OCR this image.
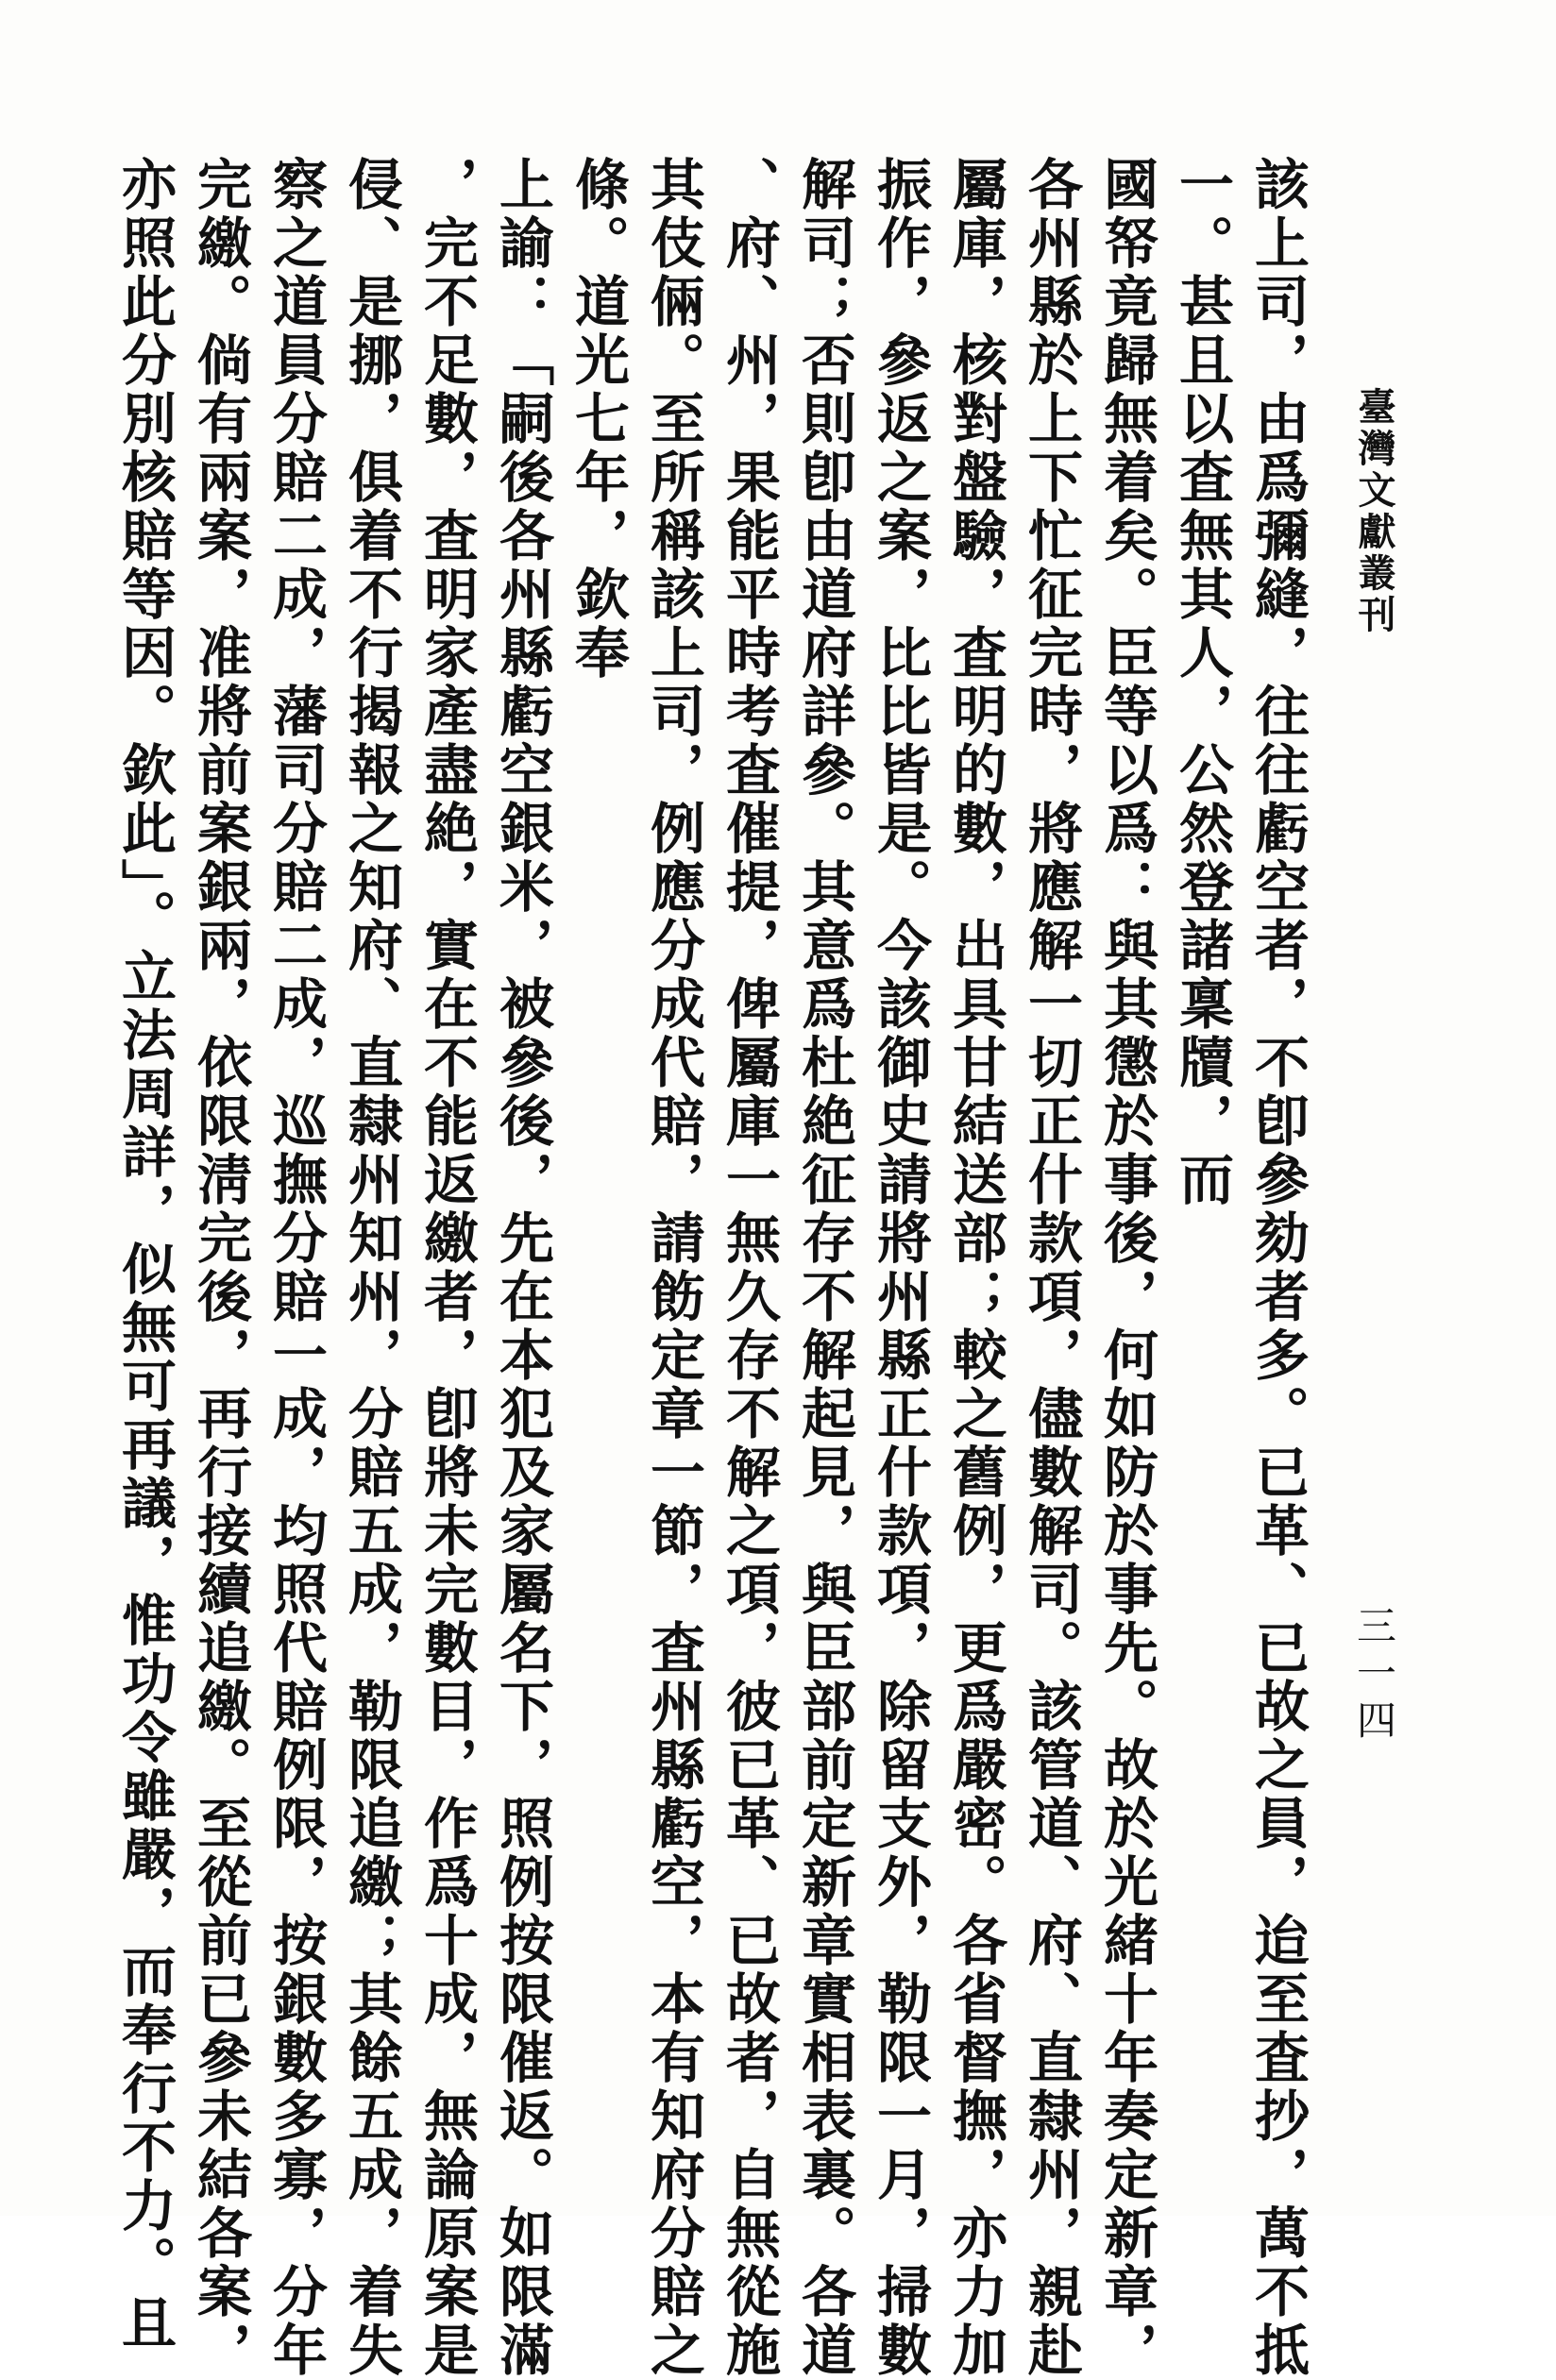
臺灣文獻叢刊
三一四
該上司，由爲彌縫，往往虧空者，不卽參劾者多。已革、已故之員，迨至査抄，萬不抵
一。甚且以査無其人，公然登諸稟牘，而
國帑竟歸無着矣。臣等以爲：與其懲於事後，何如防於事先。故於光緒十年奏定新章，
各州縣於上下忙征完時，將應解一切正什款項，儘數解司。該管道、府、直隸州，親赴
屬庫，核對盤驗，査明的數，出具甘結送部；較之舊例，更爲嚴密。各省督撫，亦力加
振作，參返之案，比比皆是。今該御史請將州縣正什款項，除留支外，勒限一月，掃數
解司；否則卽由道府詳參。其意爲杜絶征存不解起見，與臣部前定新章實相表裏。各道
、府、州，果能平時考査催提，俾屬庫一無久存不解之項，彼已革、已故者，自無從施
其伎倆。至所稱該上司，例應分成代賠，請飭定章一節，査州縣虧空，本有知府分賠之
條。道光七年，欽奉
上諭：「嗣後各州縣虧空銀米，被參後，先在本犯及家屬名下，照例按限催返。如限滿
，完不足數，査明家產盡絶，實在不能返繳者，卽將未完數目，作爲十成，無論原案是
侵、是挪，俱着不行揭報之知府、直隸州知州，分賠五成，勒限追繳；其餘五成，着失
察之道員分賠二成，藩司分賠二成，巡撫分賠一成，均照代賠例限，按銀數多寡，分年
完繳。倘有兩案，准將前案銀兩，依限淸完後，再行接續追繳。至從前已參未結各案，
亦照此分別核賠等因。欽此」。立法周詳，似無可再議，惟功令雖嚴，而奉行不力。且
